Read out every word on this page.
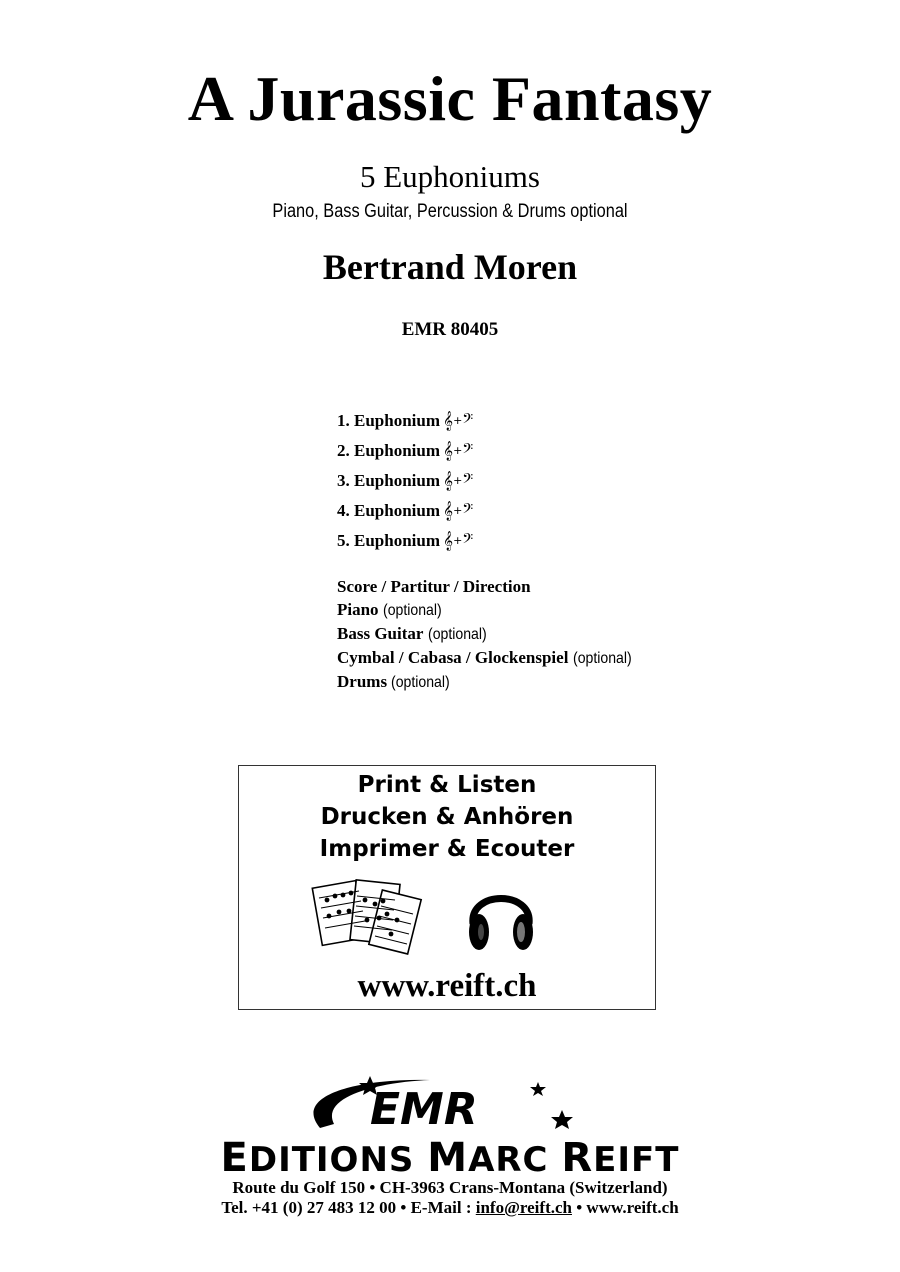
A Jurassic Fantasy
5 Euphoniums
Piano, Bass Guitar, Percussion & Drums optional
Bertrand Moren
EMR 80405
1. Euphonium 𝄞+𝄢
2. Euphonium 𝄞+𝄢
3. Euphonium 𝄞+𝄢
4. Euphonium 𝄞+𝄢
5. Euphonium 𝄞+𝄢
Score / Partitur / Direction
Piano (optional)
Bass Guitar (optional)
Cymbal / Cabasa / Glockenspiel (optional)
Drums (optional)
Print & Listen
Drucken & Anhören
Imprimer & Ecouter
www.reift.ch
EMR
EDITIONS MARC REIFT
Route du Golf 150 • CH-3963 Crans-Montana (Switzerland)
Tel. +41 (0) 27 483 12 00 • E-Mail : info@reift.ch • www.reift.ch
